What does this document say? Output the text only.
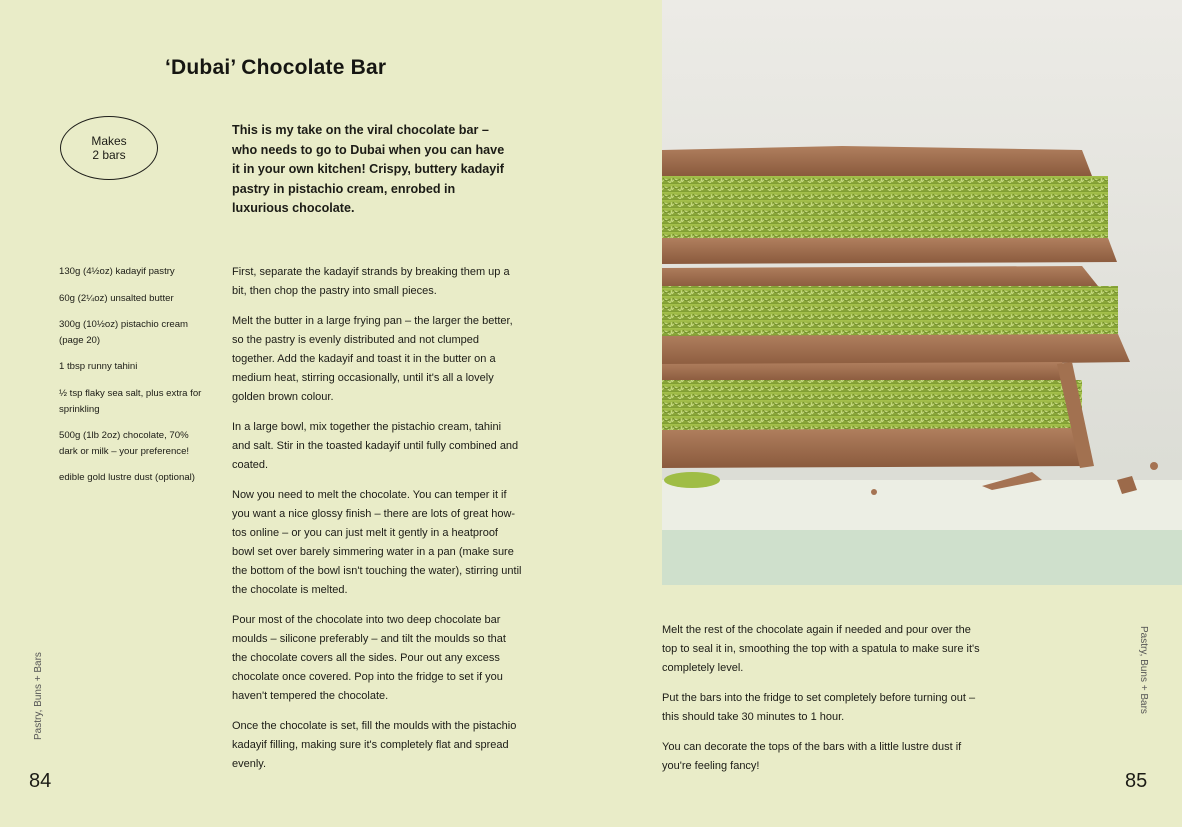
‘Dubai’ Chocolate Bar
Makes
2 bars
This is my take on the viral chocolate bar – who needs to go to Dubai when you can have it in your own kitchen! Crispy, buttery kadayif pastry in pistachio cream, enrobed in luxurious chocolate.
130g (4½oz) kadayif pastry
60g (2¼oz) unsalted butter
300g (10½oz) pistachio cream (page 20)
1 tbsp runny tahini
½ tsp flaky sea salt, plus extra for sprinkling
500g (1lb 2oz) chocolate, 70% dark or milk – your preference!
edible gold lustre dust (optional)

First, separate the kadayif strands by breaking them up a bit, then chop the pastry into small pieces.

Melt the butter in a large frying pan – the larger the better, so the pastry is evenly distributed and not clumped together. Add the kadayif and toast it in the butter on a medium heat, stirring occasionally, until it's all a lovely golden brown colour.

In a large bowl, mix together the pistachio cream, tahini and salt. Stir in the toasted kadayif until fully combined and coated.

Now you need to melt the chocolate. You can temper it if you want a nice glossy finish – there are lots of great how-tos online – or you can just melt it gently in a heatproof bowl set over barely simmering water in a pan (make sure the bottom of the bowl isn't touching the water), stirring until the chocolate is melted.

Pour most of the chocolate into two deep chocolate bar moulds – silicone preferably – and tilt the moulds so that the chocolate covers all the sides. Pour out any excess chocolate once covered. Pop into the fridge to set if you haven't tempered the chocolate.

Once the chocolate is set, fill the moulds with the pistachio kadayif filling, making sure it's completely flat and spread evenly.

Pastry, Buns + Bars
84

Melt the rest of the chocolate again if needed and pour over the top to seal it in, smoothing the top with a spatula to make sure it's completely level.

Put the bars into the fridge to set completely before turning out – this should take 30 minutes to 1 hour.

You can decorate the tops of the bars with a little lustre dust if you're feeling fancy!

Pastry, Buns + Bars
85
